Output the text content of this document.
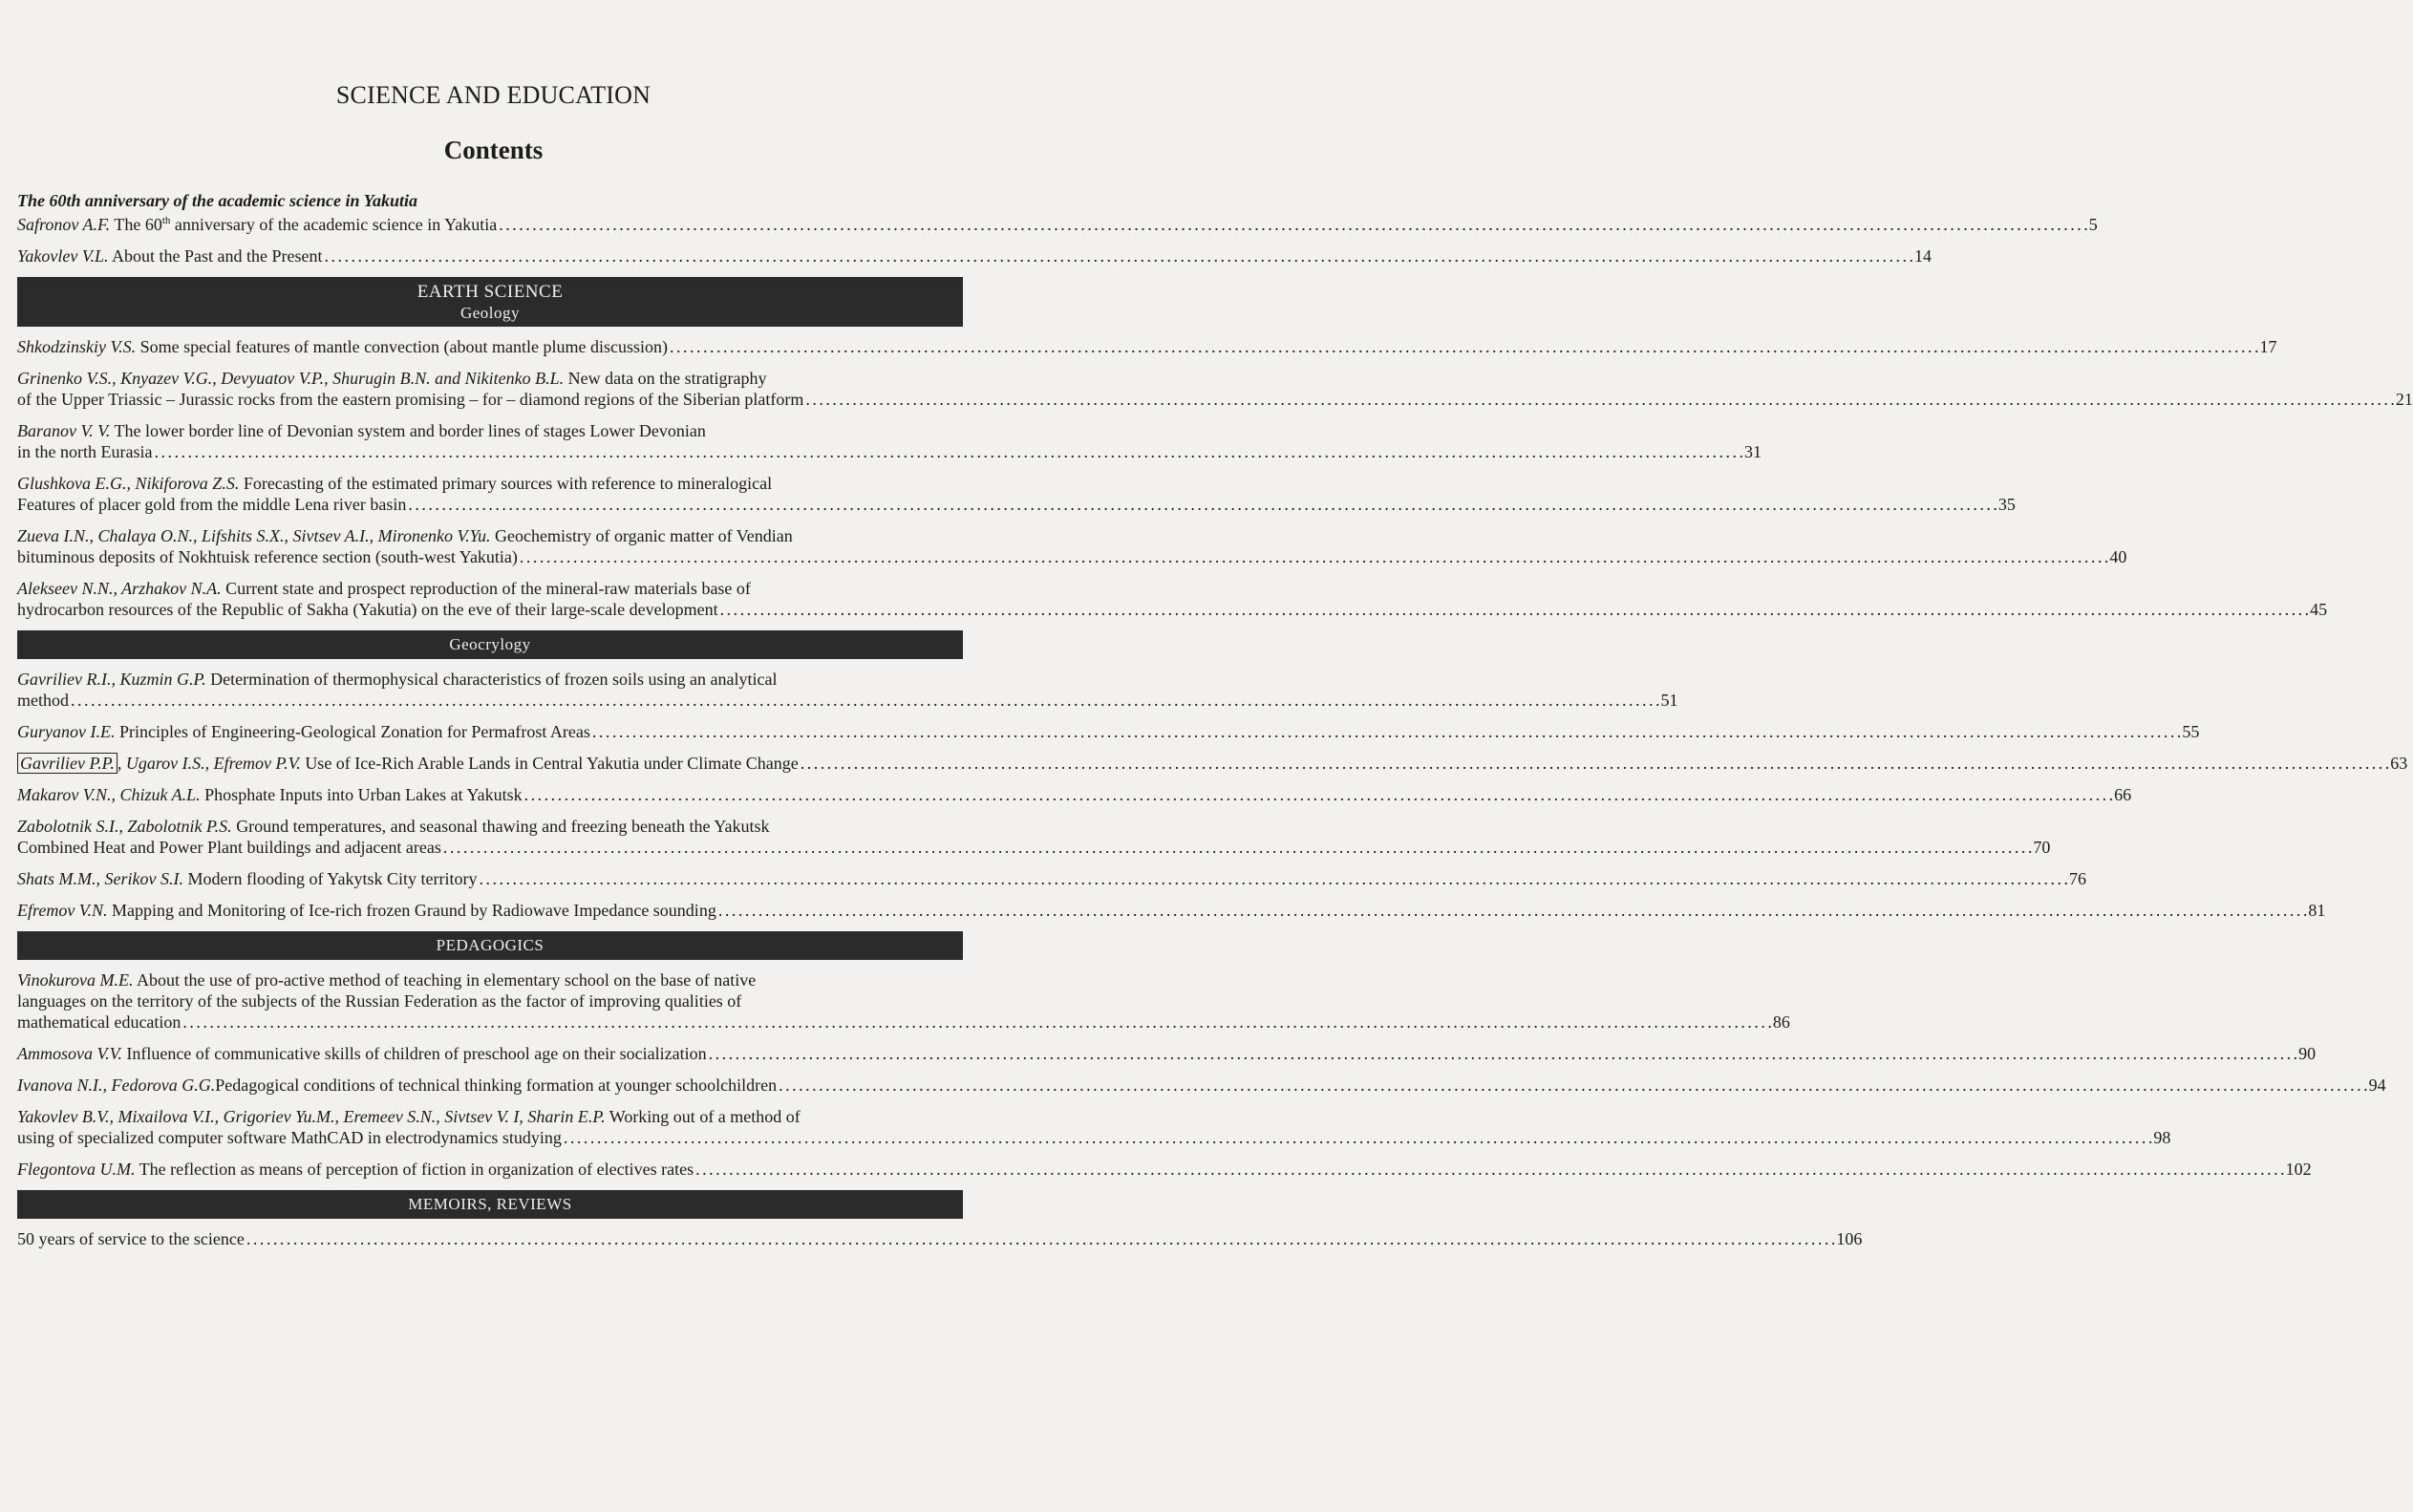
SCIENCE AND EDUCATION
Contents
The 60th anniversary of the academic science in Yakutia
Safronov A.F. The 60th anniversary of the academic science in Yakutia . . .	5
Yakovlev V.L. About the Past and the Present . . .	14
EARTH SCIENCE
Geology
Shkodzinskiy V.S. Some special features of mantle convection (about mantle plume discussion) . . .	17
Grinenko V.S., Knyazev V.G., Devyuatov V.P., Shurugin B.N. and Nikitenko B.L. New data on the stratigraphy
of the Upper Triassic – Jurassic rocks from the eastern promising – for – diamond regions of the Siberian platform . . .	21
Baranov V. V. The lower border line of Devonian system and border lines of stages Lower Devonian
in the north Eurasia . . .	31
Glushkova E.G., Nikiforova Z.S. Forecasting of the estimated primary sources with reference to mineralogical
Features of placer gold from the middle Lena river basin . . .	35
Zueva I.N., Chalaya O.N., Lifshits S.X., Sivtsev A.I., Mironenko V.Yu. Geochemistry of organic matter of Vendian
bituminous deposits of Nokhtuisk reference section (south-west Yakutia) . . .	40
Alekseev N.N., Arzhakov N.A. Current state and prospect reproduction of the mineral-raw materials base of
hydrocarbon resources of the Republic of Sakha (Yakutia) on the eve of their large-scale development . . .	45
Geocrylogy
Gavriliev R.I., Kuzmin G.P. Determination of thermophysical characteristics of frozen soils using an analytical
method . . .	51
Guryanov I.E. Principles of Engineering-Geological Zonation for Permafrost Areas . . .	55
Gavriliev P.P. , Ugarov I.S., Efremov P.V. Use of Ice-Rich Arable Lands in Central Yakutia under Climate Change . . .	63
Makarov V.N., Chizuk A.L. Phosphate Inputs into Urban Lakes at Yakutsk . . .	66
Zabolotnik S.I., Zabolotnik P.S. Ground temperatures, and seasonal thawing and freezing beneath the Yakutsk
Combined Heat and Power Plant buildings and adjacent areas . . .	70
Shats M.M., Serikov S.I. Modern flooding of Yakytsk City territory . . .	76
Efremov V.N. Mapping and Monitoring of Ice-rich frozen Graund by Radiowave Impedance sounding . . .	81
PEDAGOGICS
Vinokurova M.E. About the use of pro-active method of teaching in elementary school on the base of native
languages on the territory of the subjects of the Russian Federation as the factor of improving qualities of
mathematical education . . .	86
Ammosova V.V. Influence of communicative skills of children of preschool age on their socialization . . .	90
Ivanova N.I., Fedorova G.G.Pedagogical conditions of technical thinking formation at younger schoolchildren . . .	94
Yakovlev B.V., Mixailova V.I., Grigoriev Yu.M., Eremeev S.N., Sivtsev V. I, Sharin E.P. Working out of a method of
using of specialized computer software MathCAD in electrodynamics studying . . .	98
Flegontova U.M. The reflection as means of perception of fiction in organization of electives rates . . .	102
MEMOIRS, REVIEWS
50 years of service to the science . . .	106
